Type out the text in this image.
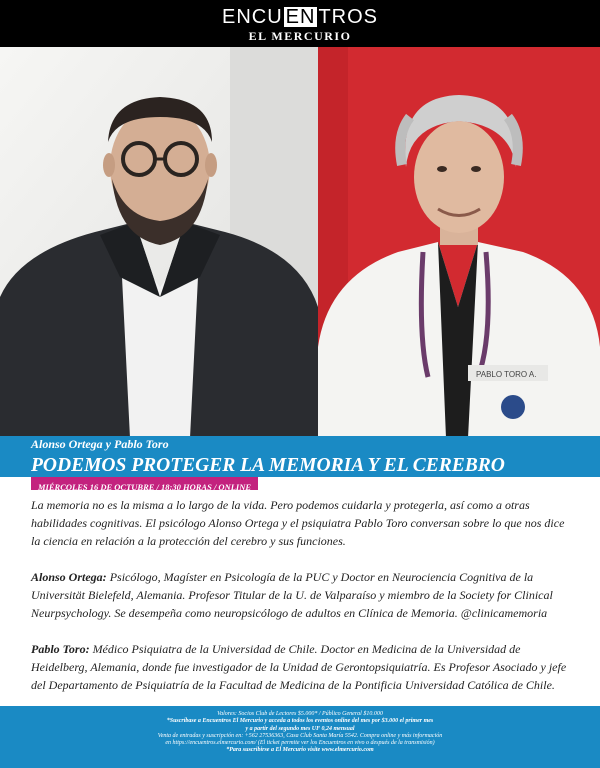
ENCU EN TROS
EL MERCURIO
PABLO TORO A.
Alonso Ortega y Pablo Toro
PODEMOS PROTEGER LA MEMORIA Y EL CEREBRO
MIÉRCOLES 16 DE OCTUBRE / 18:30 HORAS / ONLINE

La memoria no es la misma a lo largo de la vida. Pero podemos cuidarla y protegerla, así como a otras habilidades cognitivas. El psicólogo Alonso Ortega y el psiquiatra Pablo Toro conversan sobre lo que nos dice la ciencia en relación a la protección del cerebro y sus funciones.

Alonso Ortega: Psicólogo, Magíster en Psicología de la PUC y Doctor en Neurociencia Cognitiva de la Universität Bielefeld, Alemania. Profesor Titular de la U. de Valparaíso y miembro de la Society for Clinical Neurpsychology. Se desempeña como neuropsicólogo de adultos en Clínica de Memoria. @clinicamemoria

Pablo Toro: Médico Psiquiatra de la Universidad de Chile. Doctor en Medicina de la Universidad de Heidelberg, Alemania, donde fue investigador de la Unidad de Gerontopsiquiatría. Es Profesor Asociado y jefe del Departamento de Psiquiatría de la Facultad de Medicina de la Pontificia Universidad Católica de Chile.

Valores: Socios Club de Lectores $5.000* / Público General $10.000
*Suscríbase a Encuentros El Mercurio y acceda a todos los eventos online del mes por $3.000 el primer mes
y a partir del segundo mes UF 0,24 mensual
Venta de entradas y suscripción en: +562 27536363, Casa Club Santa María 5542. Compra online y más información
en https://encuentros.elmercurio.com/ (El ticket permite ver los Encuentros en vivo o después de la transmisión)
*Para suscribirse a El Mercurio visite www.elmercurio.com
